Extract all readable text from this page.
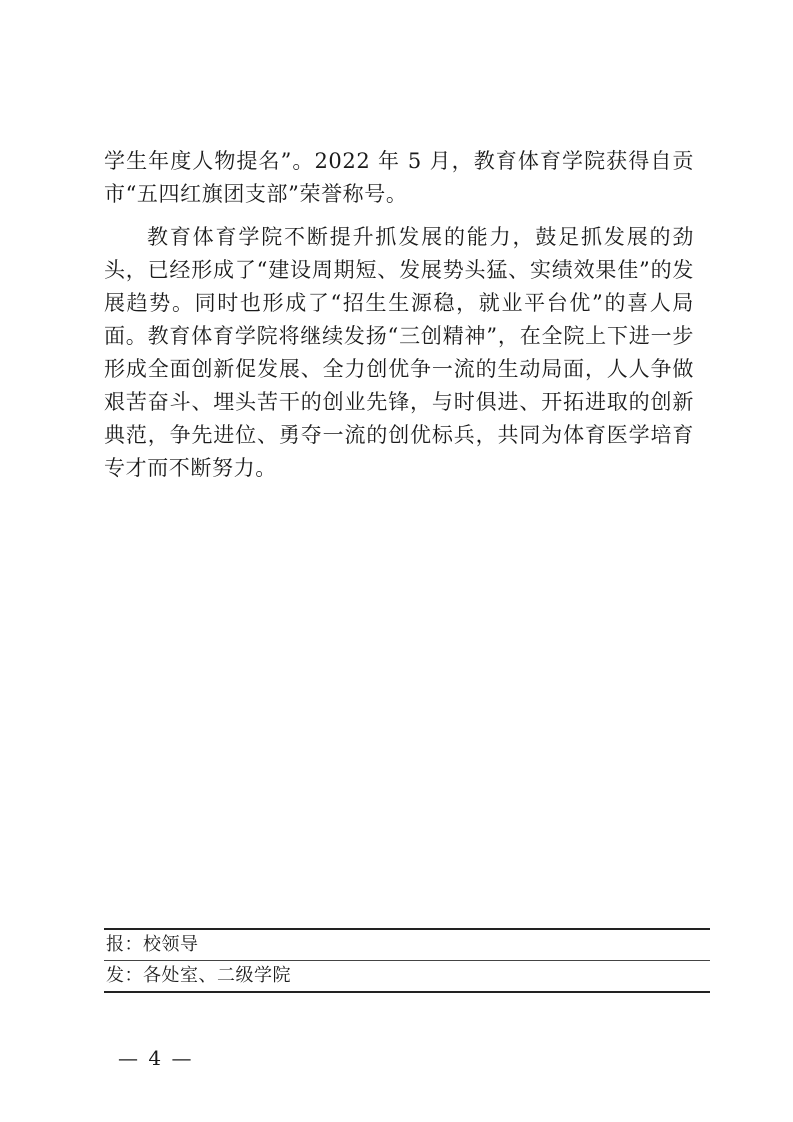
学生年度人物提名”。2022 年 5 月，教育体育学院获得自贡市“五四红旗团支部”荣誉称号。

教育体育学院不断提升抓发展的能力，鼓足抓发展的劲头，已经形成了“建设周期短、发展势头猛、实绩效果佳”的发展趋势。同时也形成了“招生生源稳，就业平台优”的喜人局面。教育体育学院将继续发扬“三创精神”，在全院上下进一步形成全面创新促发展、全力创优争一流的生动局面，人人争做艰苦奋斗、埋头苦干的创业先锋，与时俱进、开拓进取的创新典范，争先进位、勇夺一流的创优标兵，共同为体育医学培育专才而不断努力。

报：校领导
发：各处室、二级学院
— 4 —
